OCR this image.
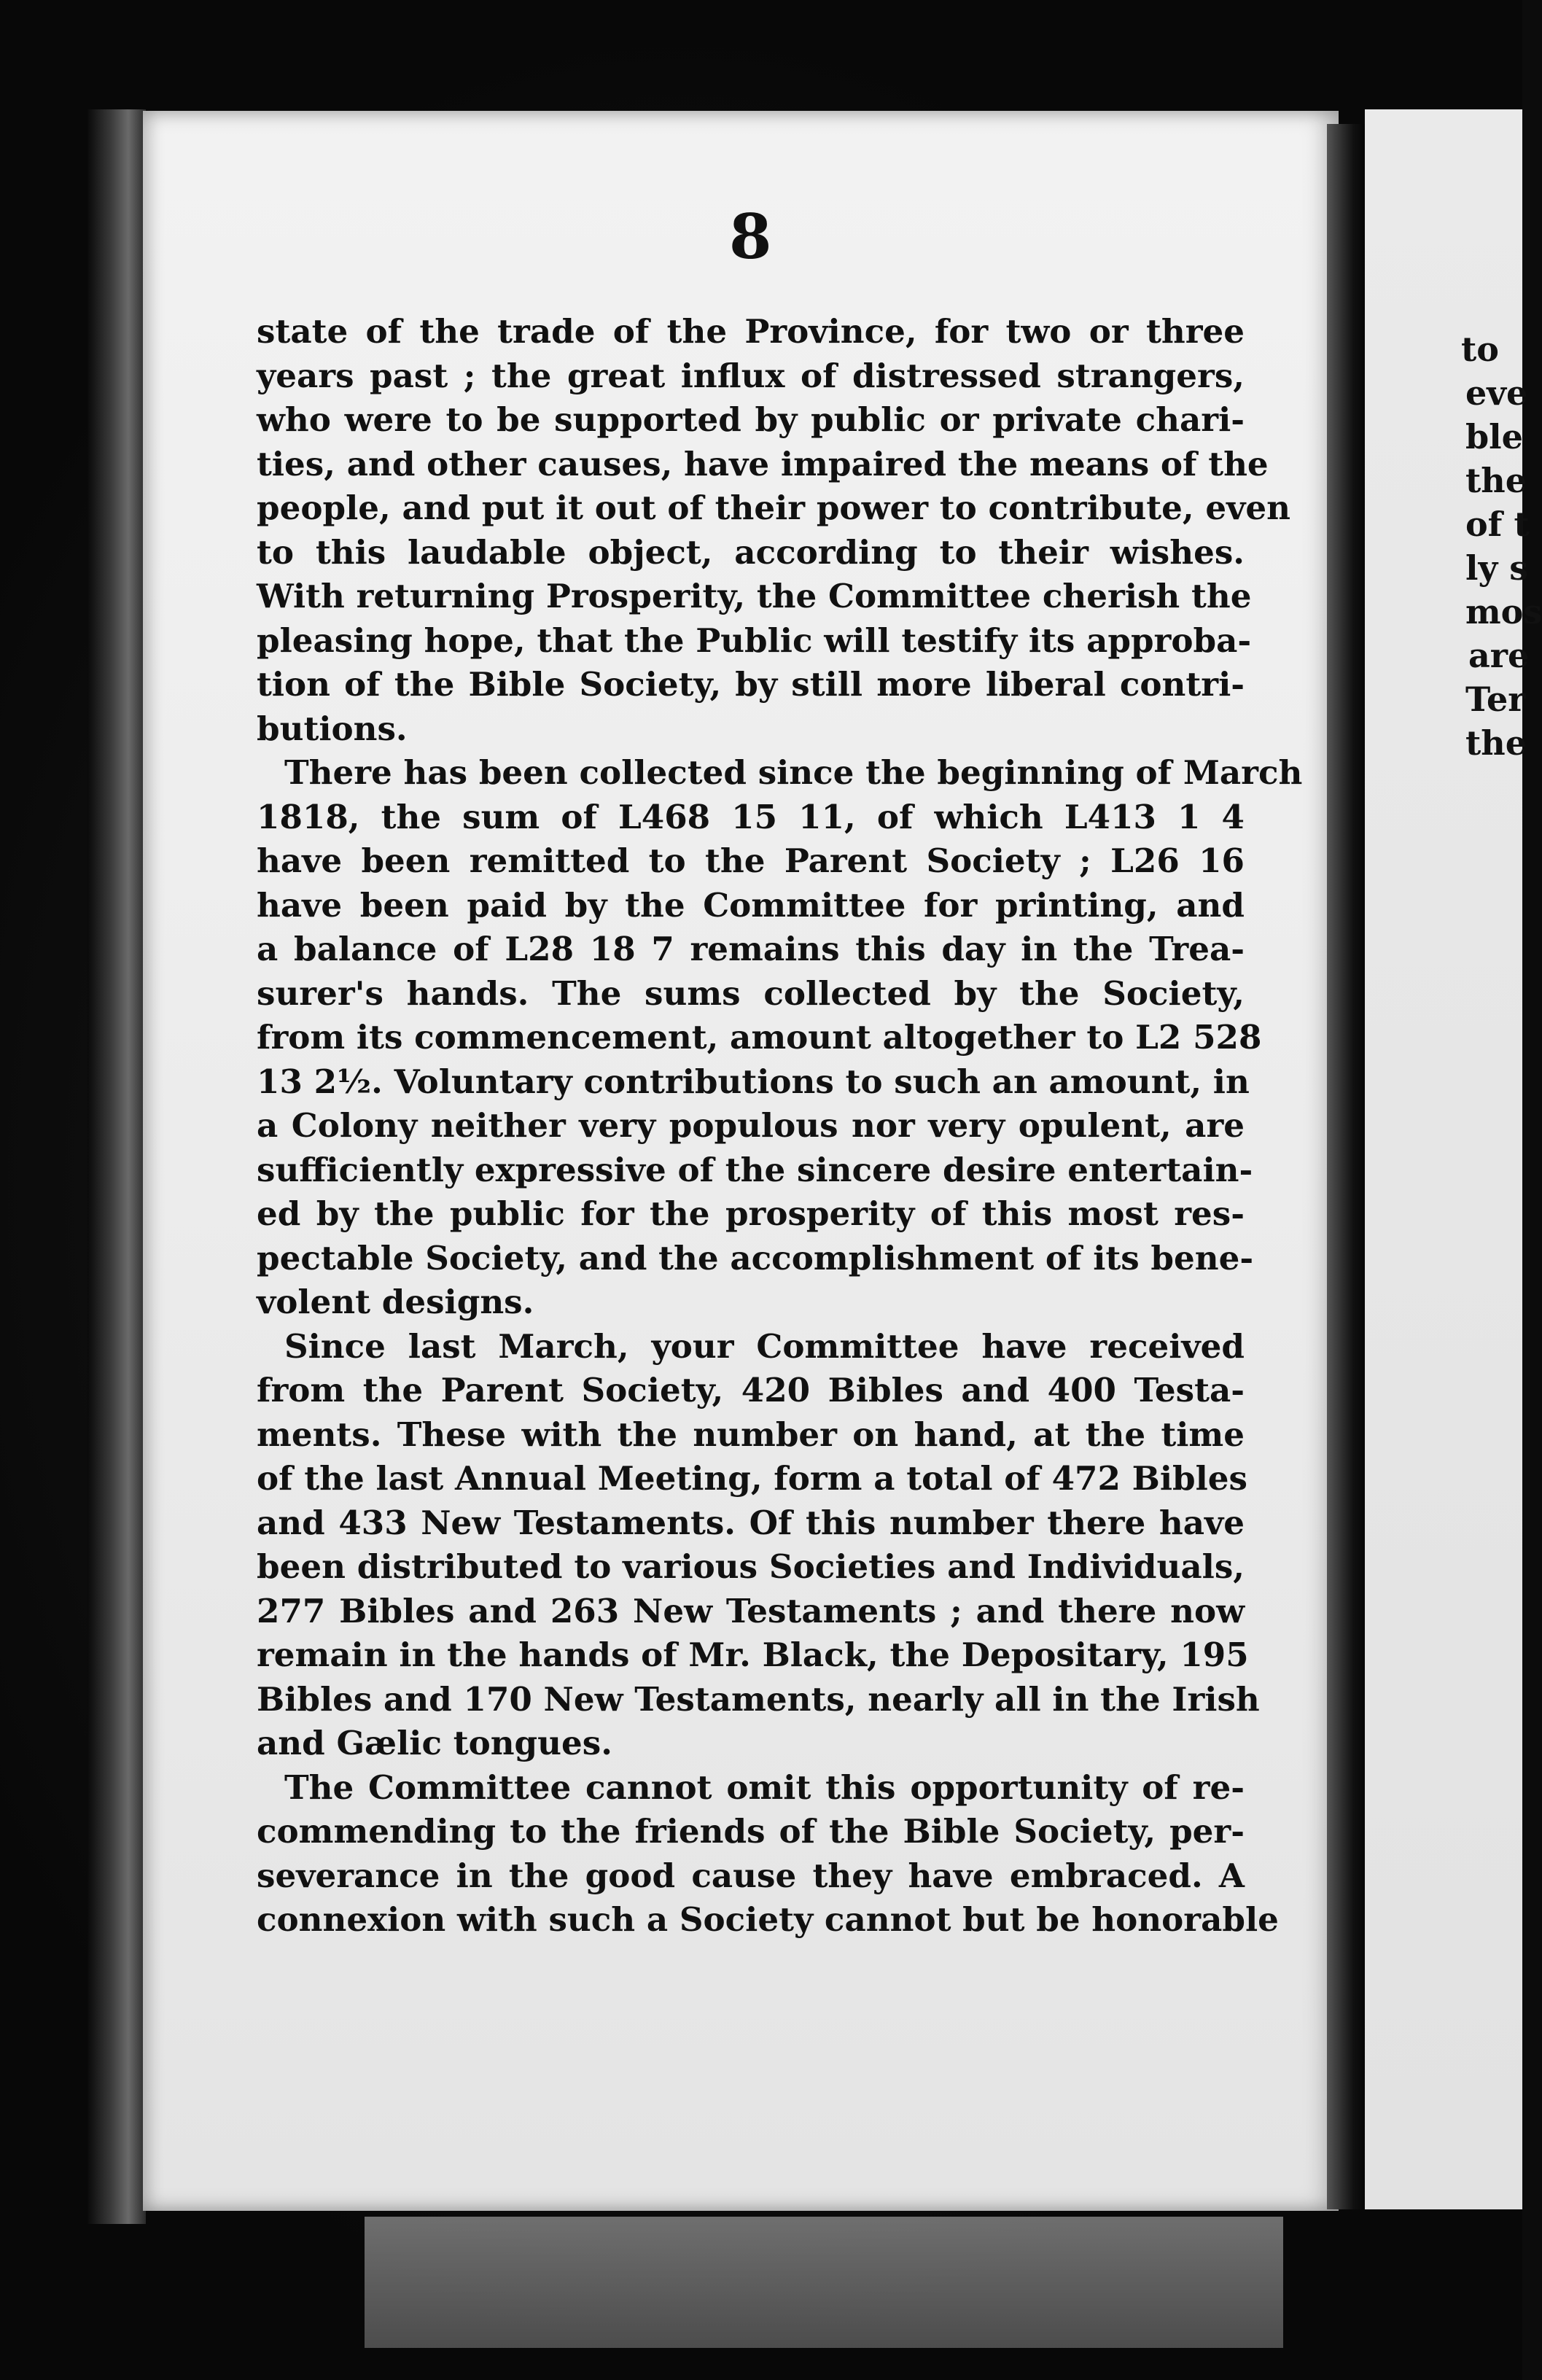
to
eve
ble
the
of t
ly s
mos
are
Ter
the
8
state of the trade of the Province, for two or three
years past ; the great influx of distressed strangers,
who were to be supported by public or private chari-
ties, and other causes, have impaired the means of the
people, and put it out of their power to contribute, even
to this laudable object, according to their wishes.
With returning Prosperity, the Committee cherish the
pleasing hope, that the Public will testify its approba-
tion of the Bible Society, by still more liberal contri-
butions.
There has been collected since the beginning of March
1818, the sum of L468 15 11, of which L413 1 4
have been remitted to the Parent Society ; L26 16
have been paid by the Committee for printing, and
a balance of L28 18 7 remains this day in the Trea-
surer's hands. The sums collected by the Society,
from its commencement, amount altogether to L2 528
13 2½. Voluntary contributions to such an amount, in
a Colony neither very populous nor very opulent, are
sufficiently expressive of the sincere desire entertain-
ed by the public for the prosperity of this most res-
pectable Society, and the accomplishment of its bene-
volent designs.
Since last March, your Committee have received
from the Parent Society, 420 Bibles and 400 Testa-
ments. These with the number on hand, at the time
of the last Annual Meeting, form a total of 472 Bibles
and 433 New Testaments. Of this number there have
been distributed to various Societies and Individuals,
277 Bibles and 263 New Testaments ; and there now
remain in the hands of Mr. Black, the Depositary, 195
Bibles and 170 New Testaments, nearly all in the Irish
and Gælic tongues.
The Committee cannot omit this opportunity of re-
commending to the friends of the Bible Society, per-
severance in the good cause they have embraced. A
connexion with such a Society cannot but be honorable
